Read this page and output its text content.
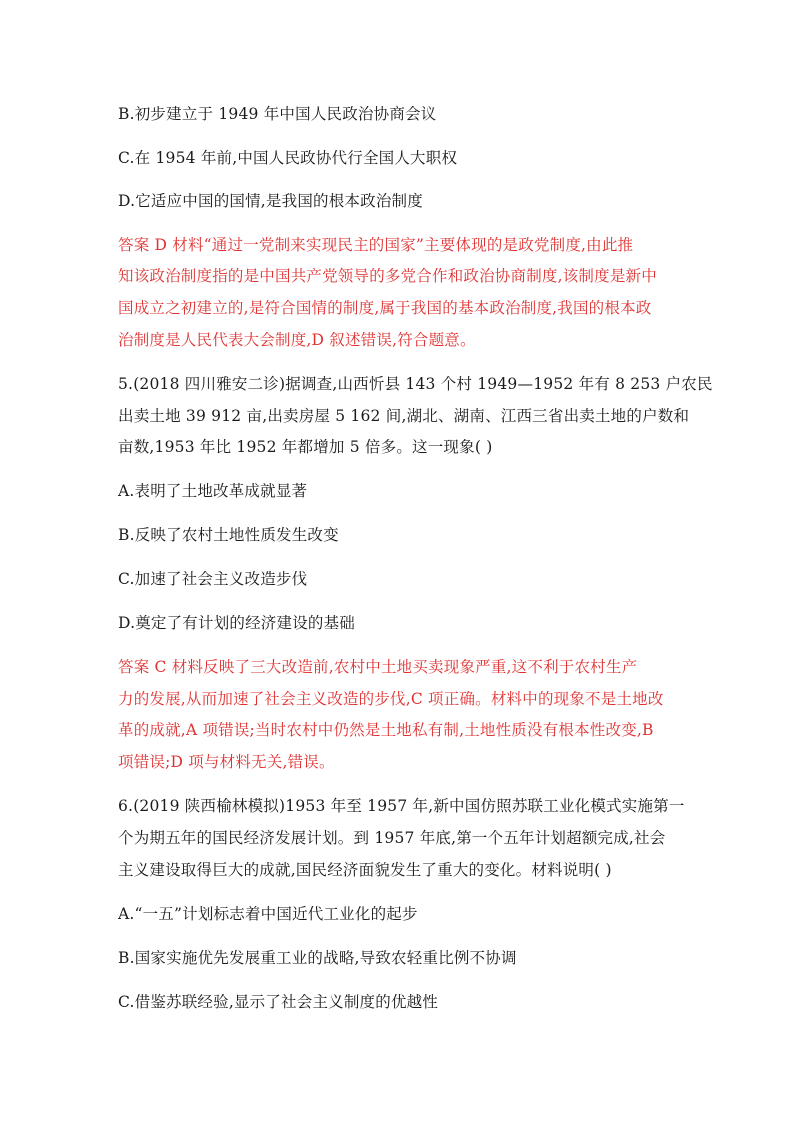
B.初步建立于 1949 年中国人民政治协商会议
C.在 1954 年前,中国人民政协代行全国人大职权
D.它适应中国的国情,是我国的根本政治制度
答案 D 材料“通过一党制来实现民主的国家”主要体现的是政党制度,由此推
知该政治制度指的是中国共产党领导的多党合作和政治协商制度,该制度是新中
国成立之初建立的,是符合国情的制度,属于我国的基本政治制度,我国的根本政
治制度是人民代表大会制度,D 叙述错误,符合题意。
5.(2018 四川雅安二诊)据调查,山西忻县 143 个村 1949—1952 年有 8 253 户农民
出卖土地 39 912 亩,出卖房屋 5 162 间,湖北、湖南、江西三省出卖土地的户数和
亩数,1953 年比 1952 年都增加 5 倍多。这一现象( )
A.表明了土地改革成就显著
B.反映了农村土地性质发生改变
C.加速了社会主义改造步伐
D.奠定了有计划的经济建设的基础
答案 C 材料反映了三大改造前,农村中土地买卖现象严重,这不利于农村生产
力的发展,从而加速了社会主义改造的步伐,C 项正确。材料中的现象不是土地改
革的成就,A 项错误;当时农村中仍然是土地私有制,土地性质没有根本性改变,B
项错误;D 项与材料无关,错误。
6.(2019 陕西榆林模拟)1953 年至 1957 年,新中国仿照苏联工业化模式实施第一
个为期五年的国民经济发展计划。到 1957 年底,第一个五年计划超额完成,社会
主义建设取得巨大的成就,国民经济面貌发生了重大的变化。材料说明( )
A.“一五”计划标志着中国近代工业化的起步
B.国家实施优先发展重工业的战略,导致农轻重比例不协调
C.借鉴苏联经验,显示了社会主义制度的优越性
